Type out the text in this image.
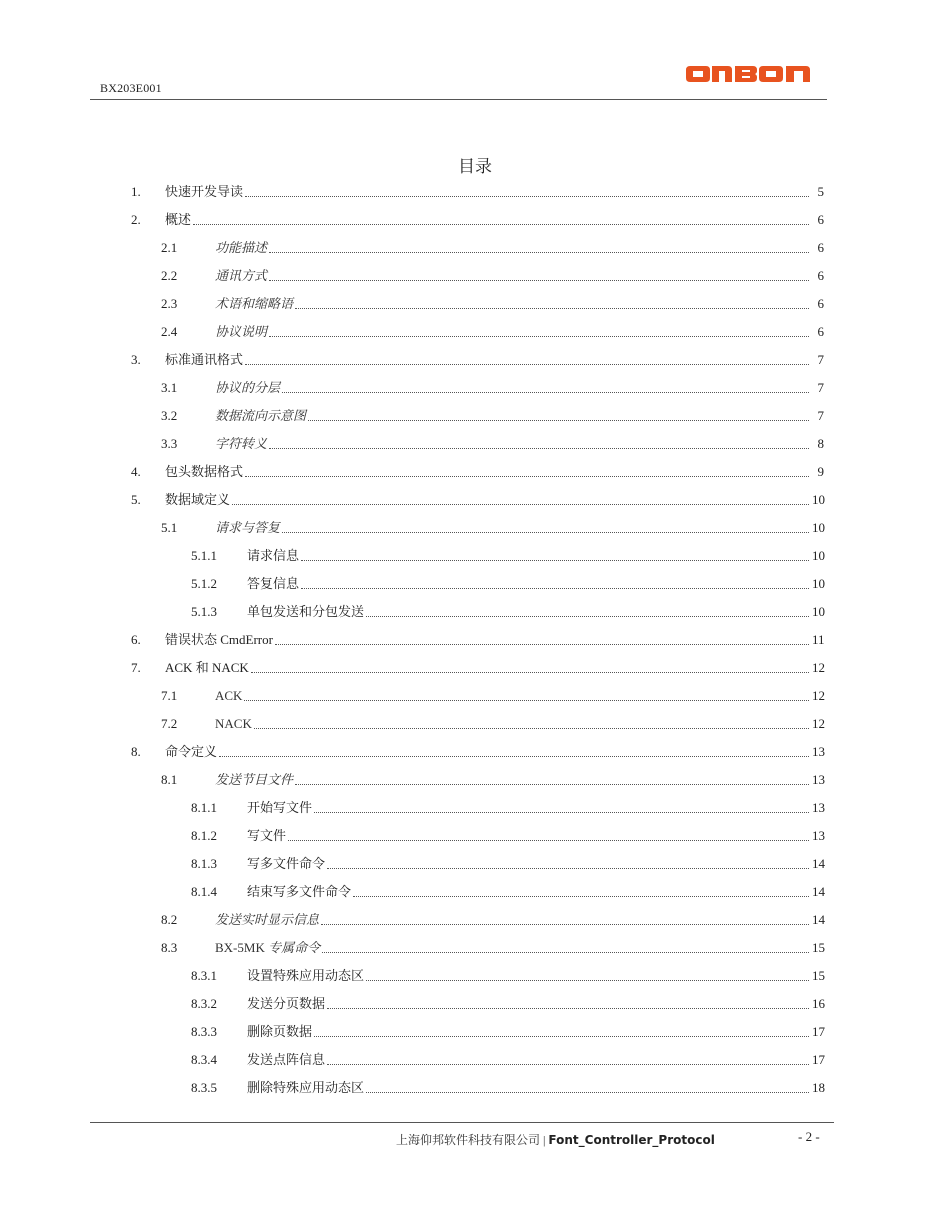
BX203E001
目录
1. 快速开发导读	5
2. 概述	6
2.1	功能描述	6
2.2	通讯方式	6
2.3	术语和缩略语	6
2.4	协议说明	6
3. 标准通讯格式	7
3.1	协议的分层	7
3.2	数据流向示意图	7
3.3	字符转义	8
4. 包头数据格式	9
5. 数据域定义	10
5.1	请求与答复	10
5.1.1 请求信息	10
5.1.2 答复信息	10
5.1.3 单包发送和分包发送	10
6. 错误状态 CmdError	11
7. ACK 和 NACK	12
7.1	ACK	12
7.2	NACK	12
8. 命令定义	13
8.1	发送节目文件	13
8.1.1 开始写文件	13
8.1.2 写文件	13
8.1.3 写多文件命令	14
8.1.4 结束写多文件命令	14
8.2	发送实时显示信息	14
8.3	BX-5MK 专属命令	15
8.3.1 设置特殊应用动态区	15
8.3.2 发送分页数据	16
8.3.3 删除页数据	17
8.3.4 发送点阵信息	17
8.3.5 删除特殊应用动态区	18
上海仰邦软件科技有限公司 | Font_Controller_Protocol	- 2 -
